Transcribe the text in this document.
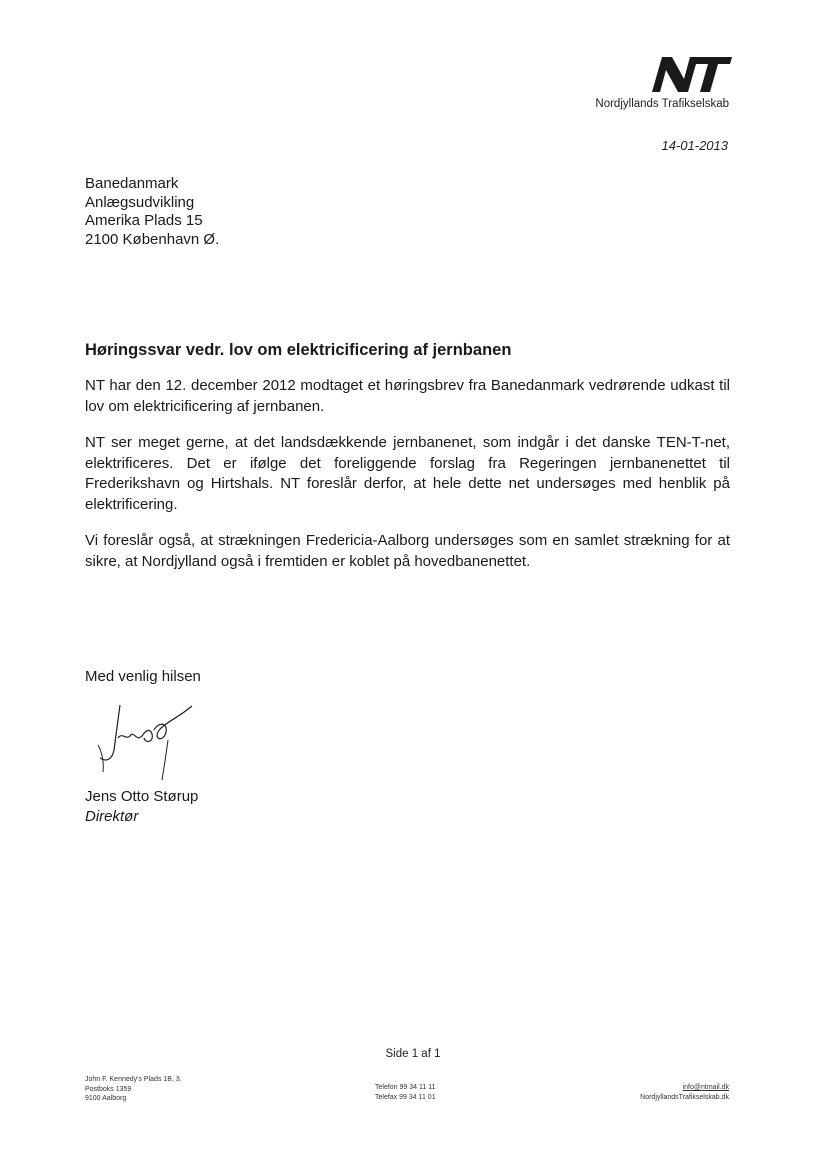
Nordjyllands Trafikselskab
14-01-2013
Banedanmark
Anlægsudvikling
Amerika Plads 15
2100 København Ø.
Høringssvar vedr. lov om elektricificering af jernbanen

NT har den 12. december 2012 modtaget et høringsbrev fra Banedanmark vedrørende udkast til lov om elektricificering af jernbanen.

NT ser meget gerne, at det landsdækkende jernbanenet, som indgår i det danske TEN-T-net, elektrificeres. Det er ifølge det foreliggende forslag fra Regeringen jernbanenettet til Frederikshavn og Hirtshals. NT foreslår derfor, at hele dette net undersøges med henblik på elektrificering.

Vi foreslår også, at strækningen Fredericia-Aalborg undersøges som en samlet strækning for at sikre, at Nordjylland også i fremtiden er koblet på hovedbanenettet.

Med venlig hilsen
Jens Otto Størup
Direktør
Side 1 af 1
John F. Kennedy's Plads 1B, 3.
Postboks 1359
9100 Aalborg
Telefon 99 34 11 11
Telefax 99 34 11 01
info@ntmail.dk
NordjyllandsTrafikselskab.dk
